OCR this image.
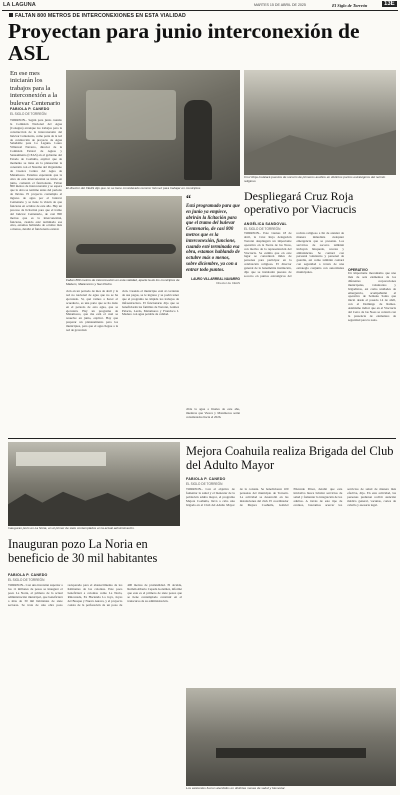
LA LAGUNA	MARTES 15 DE ABRIL DE 2025	El Siglo de Torreón	13E
FALTAN 800 METROS DE INTERCONEXIONES EN ESTA VIALIDAD
Proyectan para junio interconexión de ASL
En ese mes iniciarán los trabajos para la interconexión a la bulevar Centenario
FABIOLA P. CANEDO
EL SIGLO DE TORREÓN
TORREÓN.- Según para junio cuando la Comisión Nacional del Agua (Conagua) arranque los trabajos para la construcción de la interconexión del bulevar Centenario, como parte de la red de conducción de proyecto de Agua Saludable para La Laguna. Lauro Villarreal Navarro, director de la Comisión Estatal de Aguas y Saneamiento (CEAS) en el gobierno del Estado de Coahuila, explicó que de momento se tiene en la planeación la conexión con el Sistema del Organismo de Cuenca Centro del Agua de Matamoros. Estamos esperando que la obra de esta interconexión se inicie en junio, comentó el funcionario. Faltan 800 metros de interconexión y se espera que la obra se termine antes del periodo de lluvias. El proyecto contempla el ingreso de agua por el bulevar Centenario y se tiene la visión de que funcione en octubre de este año. Hay un proceso de licitación para que el tramo del bulevar Centenario, de casi 800 metros que es la interconexión, funcione, cuando esté terminada esa obra, estamos hablando de octubre más o menos, detalló el funcionario estatal.
El director del CEAS dijo que no se tiene considerado recorrer Gómez para trabajar en municipios.
Faltan 800 metros de interconexión en esta vialidad, aparte la de los municipios de Madero, Matamoros y San Pedro.
ción en un periodo de mes de abril y la red no nacional de agua que no se ha ejecutado. Sí, qué vamos a hacer el acueducto, es una parte que se ha dado en el periodo de esta agua, que se ejecutará. Hay un programa de Matamoros, que me está el cual se resuelve en junio, explicó. Hay que preparar un planteamiento para los municipios, para que el agua llegue a la red de gravedad.
ción. Cuando el municipio está al corriente de sus pagos, se le ingresa y se podrá tener que el programa no impida los trabajos de infraestructura. El funcionario dijo que se beneficiarán las familias de Torreón, Gómez Palacio, Lerdo, Matamoros y Francisco I. Madero con agua potable de calidad.
“
Está programado para que en junio ya empiece, abrirán la licitación para que el tramo del bulevar Centenario, de casi 800 metros que es la interconexión, funcione, cuando esté terminada esa obra, estamos hablando de octubre más o menos, sobre diciembre, ya con a entrar todo puntos.
LAURO VILLARREAL NAVARRO
Director de CEAS
cible la agua a finales de este año, mientras que Viesca y Matamoros serán considerados hacia el 2026.
Cruz Roja instalará puestos de socorro de primeros auxilios en distintos puntos estratégicos del recinto religioso.
Despliegará Cruz Roja operativo por Viacrucis
ANGÉLICA SANDOVAL
EL SIGLO DE TORREÓN
TORREÓN.- Este viernes 18 de abril, la Cruz Roja delegación Torreón despliegará un importante operativo en la Sierra de las Noas, con motivo de la representación del Viacrucis. Se estima que en este lugar se concentren miles de personas para participar en la celebración religiosa. El director general de la benemérita institución, dijo que se instalarán puestos de socorro en puntos estratégicos del recinto religioso a fin de atender de manera inmediata cualquier emergencia que se presente. Los servicios de socorro también incluyen búsqueda, rescate y ambulancias. Se contará con personal voluntario y personal de guardia, así como también contará con seguridad a través de una estrategia conjunta con autoridades municipales.
OPERATIVO
Un importante mecanismo que une más de seis elementos de los diferentes corporaciones municipales, voluntarios y brigadistas, así como unidades de emergencia, acompañarán el operativo de Semana Santa que inició desde el pasado 14 de abril, con el Domingo de Ramos. Asimismo indicó que en el Viacrucis del Cerro de las Noas se contará con la presencia de elementos de seguridad para la zona.
Inauguran pozo en La Noria, en el primer de siete contemplados en la actual administración.
Mejora Coahuila realiza Brigada del Club del Adulto Mayor
FABIOLA P. CANEDO
EL SIGLO DE TORREÓN
TORREÓN.- Con el objetivo de fomentar la salud y el bienestar de la población adulta mayor, el programa Mejora Coahuila, llevó a cabo una brigada en el Club del Adulto Mayor de la colonia. Se beneficiaron 100 personas del municipio de Torreón. La actividad se desarrolló en las instalaciones del club. El coordinador de Mejora Coahuila, Gabriel Elizondo Pérez, detalló que esta iniciativa busca brindar servicios de salud y fomentar la integración de los adultos. A través de este tipo de eventos, buscamos acercar los servicios de salud de manera más efectiva, dijo. En esta actividad, las personas pudieron recibir atención médica general, vacunas, cortes de cabello y asesoría legal.
Los asistentes fueron atendidos en distintas mesas de salud y bienestar.
Inauguran pozo La Noria en beneficio de 30 mil habitantes
FABIOLA P. CANEDO
EL SIGLO DE TORREÓN
TORREÓN.- Con una inversión superior a los 11 millones de pesos se inauguró el pozo La Noria, el primero de la actual administración municipal, que beneficiará a más de 30 mil habitantes de siete sectores. Se trata de una obra pozo recuperado para el abastecimiento de los habitantes de las colonias. Este pozo beneficiará a colonias como La Noria, Rinconada, Ex Hacienda La Joya, Joyas del Bosque y Nueva Aurora, y el proyecto consta de la perforación de un pozo de 400 metros de profundidad. El alcalde, Román Alberto Cepeda González, informó que este es el primero de siete pozos que se tiene contemplado construir en el transcurso de su administración.
